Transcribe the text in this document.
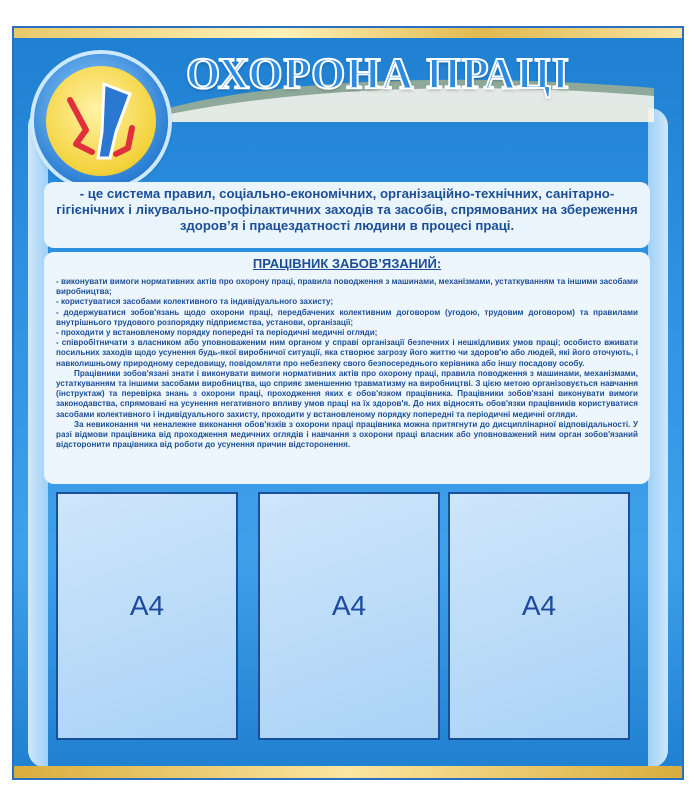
ОХОРОНА ПРАЦІ
- це система правил, соціально-економічних, організаційно-технічних, санітарно-гігієнічних і лікувально-профілактичних заходів та засобів, спрямованих на збереження здоров’я і працездатності людини в процесі праці.
ПРАЦІВНИК ЗАБОВ’ЯЗАНИЙ:

- виконувати вимоги нормативних актів про охорону праці, правила поводження з машинами, механізмами, устаткуванням та іншими засобами виробництва;

- користуватися засобами колективного та індивідуального захисту;

- додержуватися зобов'язань щодо охорони праці, передбачених колективним договором (угодою, трудовим договором) та правилами внутрішнього трудового розпорядку підприємства, установи, організації;

- проходити у встановленому порядку попередні та періодичні медичні огляди;

- співробітничати з власником або уповноваженим ним органом у справі організації безпечних і нешкідливих умов праці; особисто вживати посильних заходів щодо усунення будь-якої виробничої ситуації, яка створює загрозу його життю чи здоров'ю або людей, які його оточують, і навколишньому природному середовищу, повідомляти про небезпеку свого безпосереднього керівника або іншу посадову особу.

Працівники зобов'язані знати і виконувати вимоги нормативних актів про охорону праці, правила поводження з машинами, механізмами, устаткуванням та іншими засобами виробництва, що сприяє зменшенню травматизму на виробництві. З цією метою організовується навчання (інструктаж) та перевірка знань з охорони праці, проходження яких є обов'язком працівника. Працівники зобов'язані виконувати вимоги законодавства, спрямовані на усунення негативного впливу умов праці на їх здоров'я. До них відносять обов'язки працівників користуватися засобами колективного і індивідуального захисту, проходити у встановленому порядку попередні та періодичні медичні огляди.

За невиконання чи неналежне виконання обов'язків з охорони праці працівника можна притягнути до дисциплінарної відповідальності. У разі відмови працівника від проходження медичних оглядів і навчання з охорони праці власник або уповноважений ним орган зобов'язаний відсторонити працівника від роботи до усунення причин відсторонення.

A4	A4	A4
